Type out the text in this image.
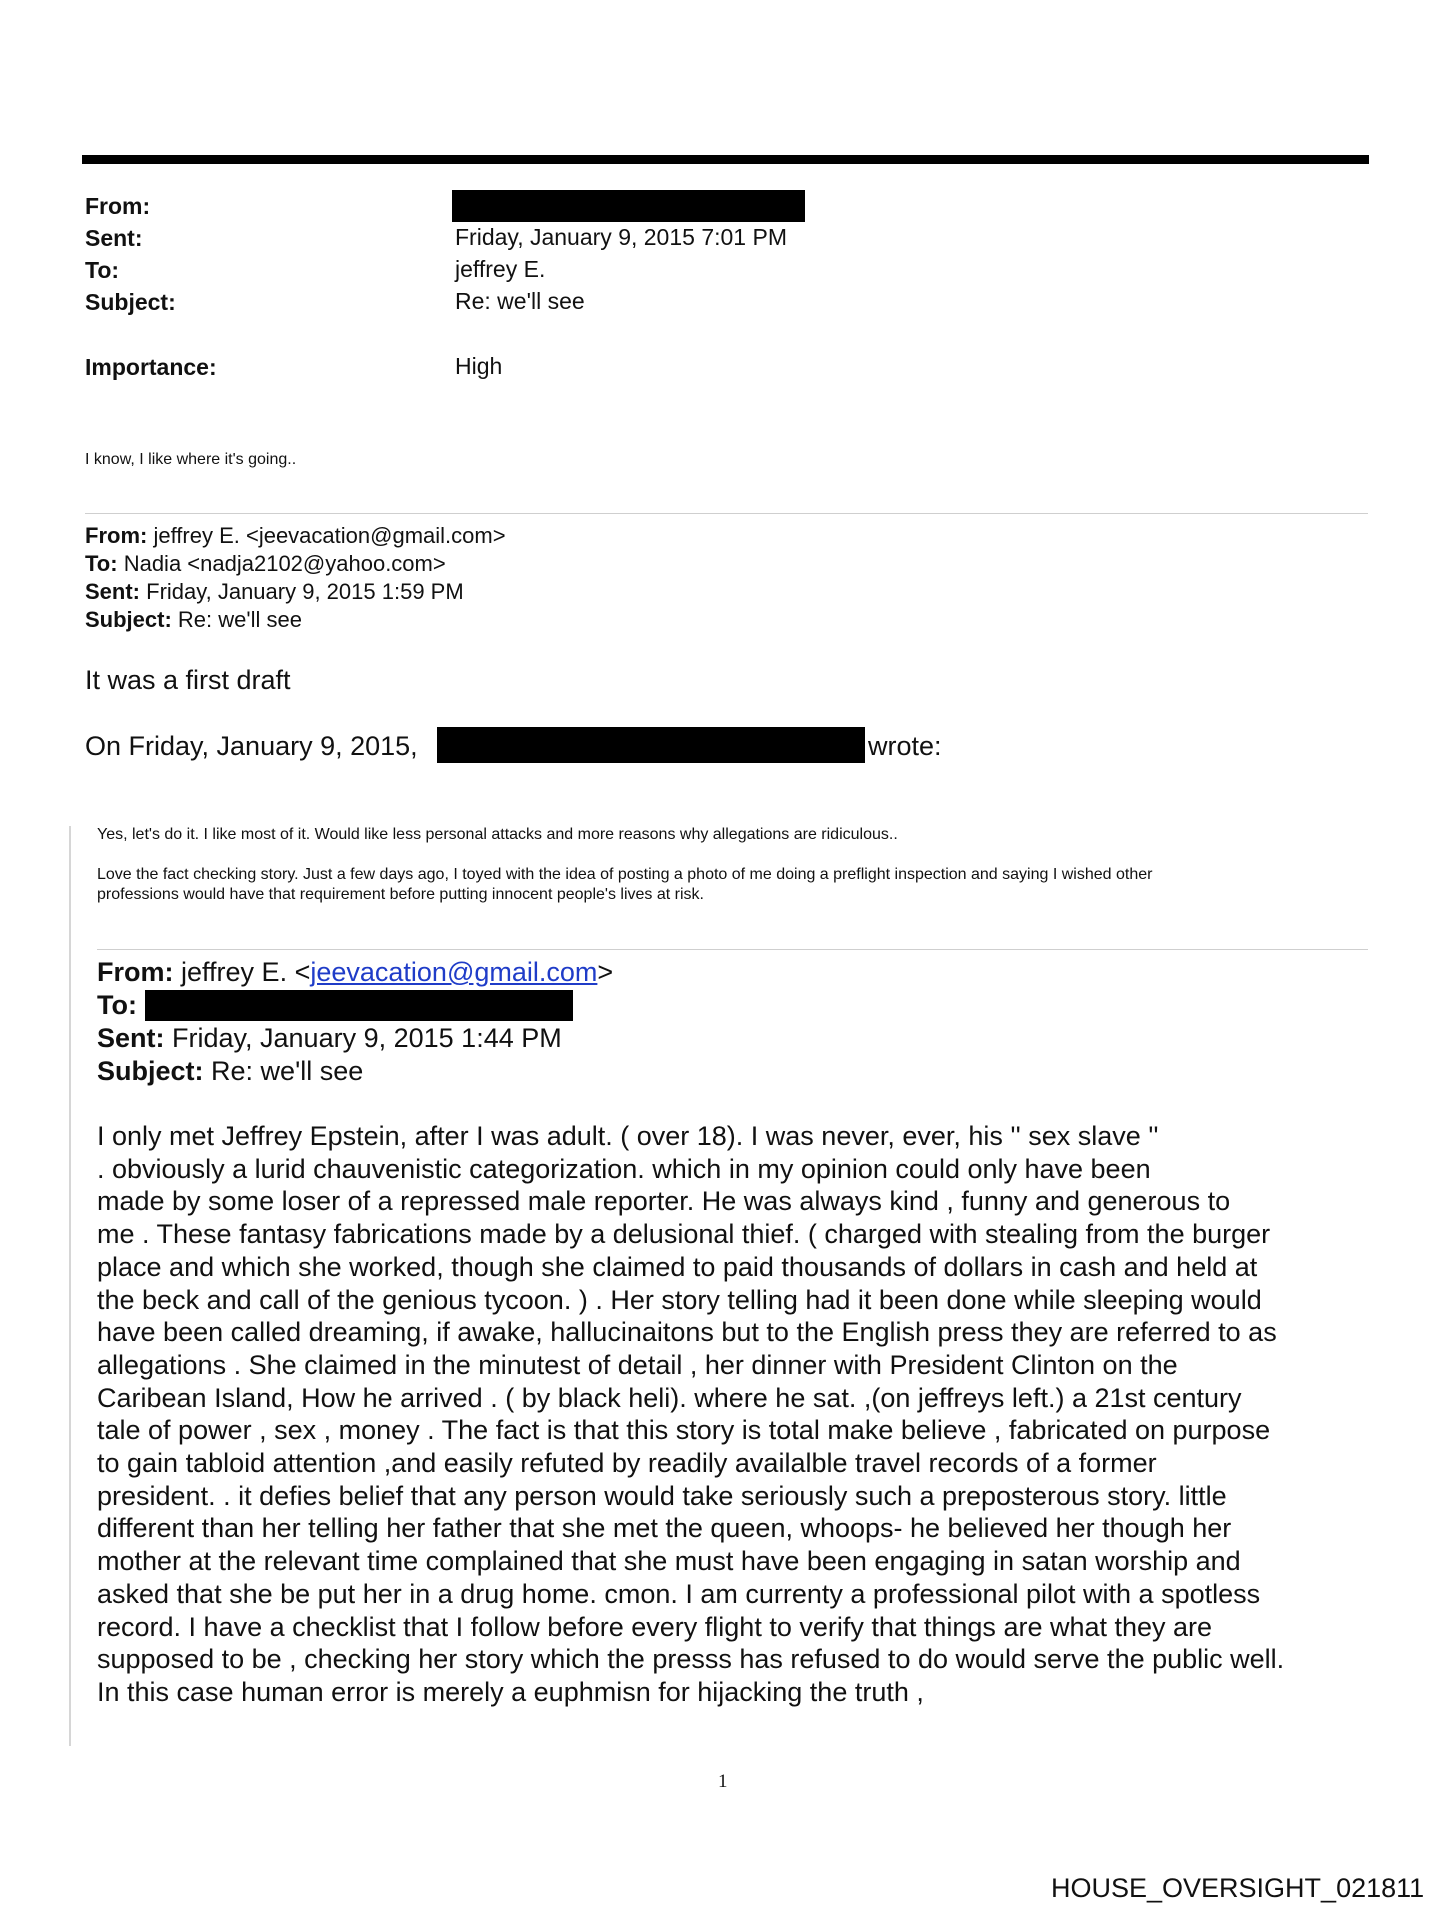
From:
Sent:	Friday, January 9, 2015 7:01 PM
To:	jeffrey E.
Subject:	Re: we'll see
Importance:	High
I know, I like where it's going..
From: jeffrey E. <jeevacation@gmail.com>
To: Nadia <nadja2102@yahoo.com>
Sent: Friday, January 9, 2015 1:59 PM
Subject: Re: we'll see
It was a first draft
On Friday, January 9, 2015,	wrote:
Yes, let's do it. I like most of it. Would like less personal attacks and more reasons why allegations are ridiculous..
Love the fact checking story. Just a few days ago, I toyed with the idea of posting a photo of me doing a preflight inspection and saying I wished other
professions would have that requirement before putting innocent people's lives at risk.
From: jeffrey E. <jeevacation@gmail.com>
To:
Sent: Friday, January 9, 2015 1:44 PM
Subject: Re: we'll see
I only met Jeffrey Epstein, after I was adult. ( over 18). I was never, ever, his '' sex slave ''
. obviously a lurid chauvenistic categorization. which in my opinion could only have been
made by some loser of a repressed male reporter. He was always kind , funny and generous to
me . These fantasy fabrications made by a delusional thief. ( charged with stealing from the burger
place and which she worked, though she claimed to paid thousands of dollars in cash and held at
the beck and call of the genious tycoon. ) . Her story telling had it been done while sleeping would
have been called dreaming, if awake, hallucinaitons but to the English press they are referred to as
allegations . She claimed in the minutest of detail , her dinner with President Clinton on the
Caribean Island, How he arrived . ( by black heli). where he sat. ,(on jeffreys left.) a 21st century
tale of power , sex , money . The fact is that this story is total make believe , fabricated on purpose
to gain tabloid attention ,and easily refuted by readily availalble travel records of a former
president. . it defies belief that any person would take seriously such a preposterous story. little
different than her telling her father that she met the queen, whoops- he believed her though her
mother at the relevant time complained that she must have been engaging in satan worship and
asked that she be put her in a drug home. cmon. I am currenty a professional pilot with a spotless
record. I have a checklist that I follow before every flight to verify that things are what they are
supposed to be , checking her story which the presss has refused to do would serve the public well.
In this case human error is merely a euphmisn for hijacking the truth ,
1
HOUSE_OVERSIGHT_021811
